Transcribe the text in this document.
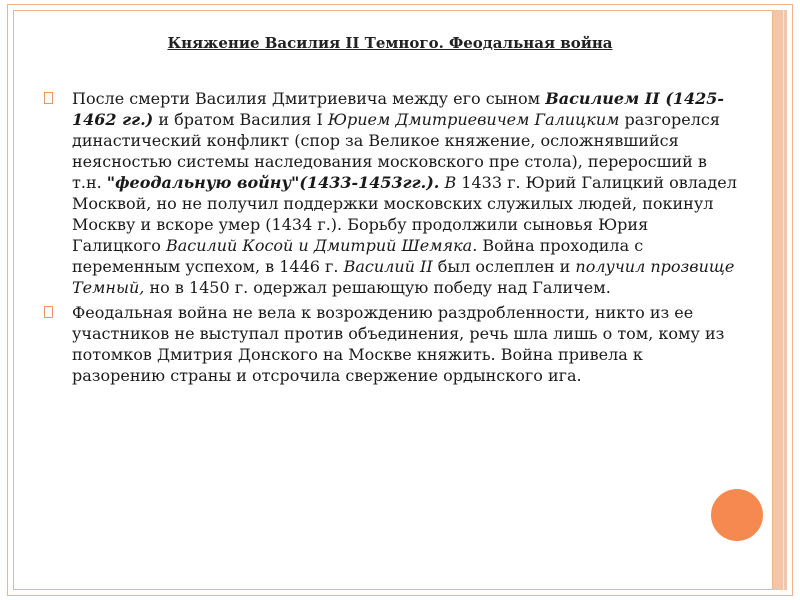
Княжение Василия II Темного. Феодальная война
После смерти Василия Дмитриевича между его сыном Василием II (1425-1462 гг.) и братом Василия I Юрием Дмитриевичем Галицким разгорелся династический конфликт (спор за Великое княжение, осложнявшийся неясностью системы наследования московского пре стола), переросший в т.н. "феодальную войну"(1433-1453гг.). В 1433 г. Юрий Галицкий овладел Москвой, но не получил поддержки московских служилых людей, покинул Москву и вскоре умер (1434 г.). Борьбу продолжили сыновья Юрия Галицкого Василий Косой и Дмитрий Шемяка. Война проходила с переменным успехом, в 1446 г. Василий II был ослеплен и получил прозвище Темный, но в 1450 г. одержал решающую победу над Галичем.
Феодальная война не вела к возрождению раздробленности, никто из ее участников не выступал против объединения, речь шла лишь о том, кому из потомков Дмитрия Донского на Москве княжить. Война привела к разорению страны и отсрочила свержение ордынского ига.
